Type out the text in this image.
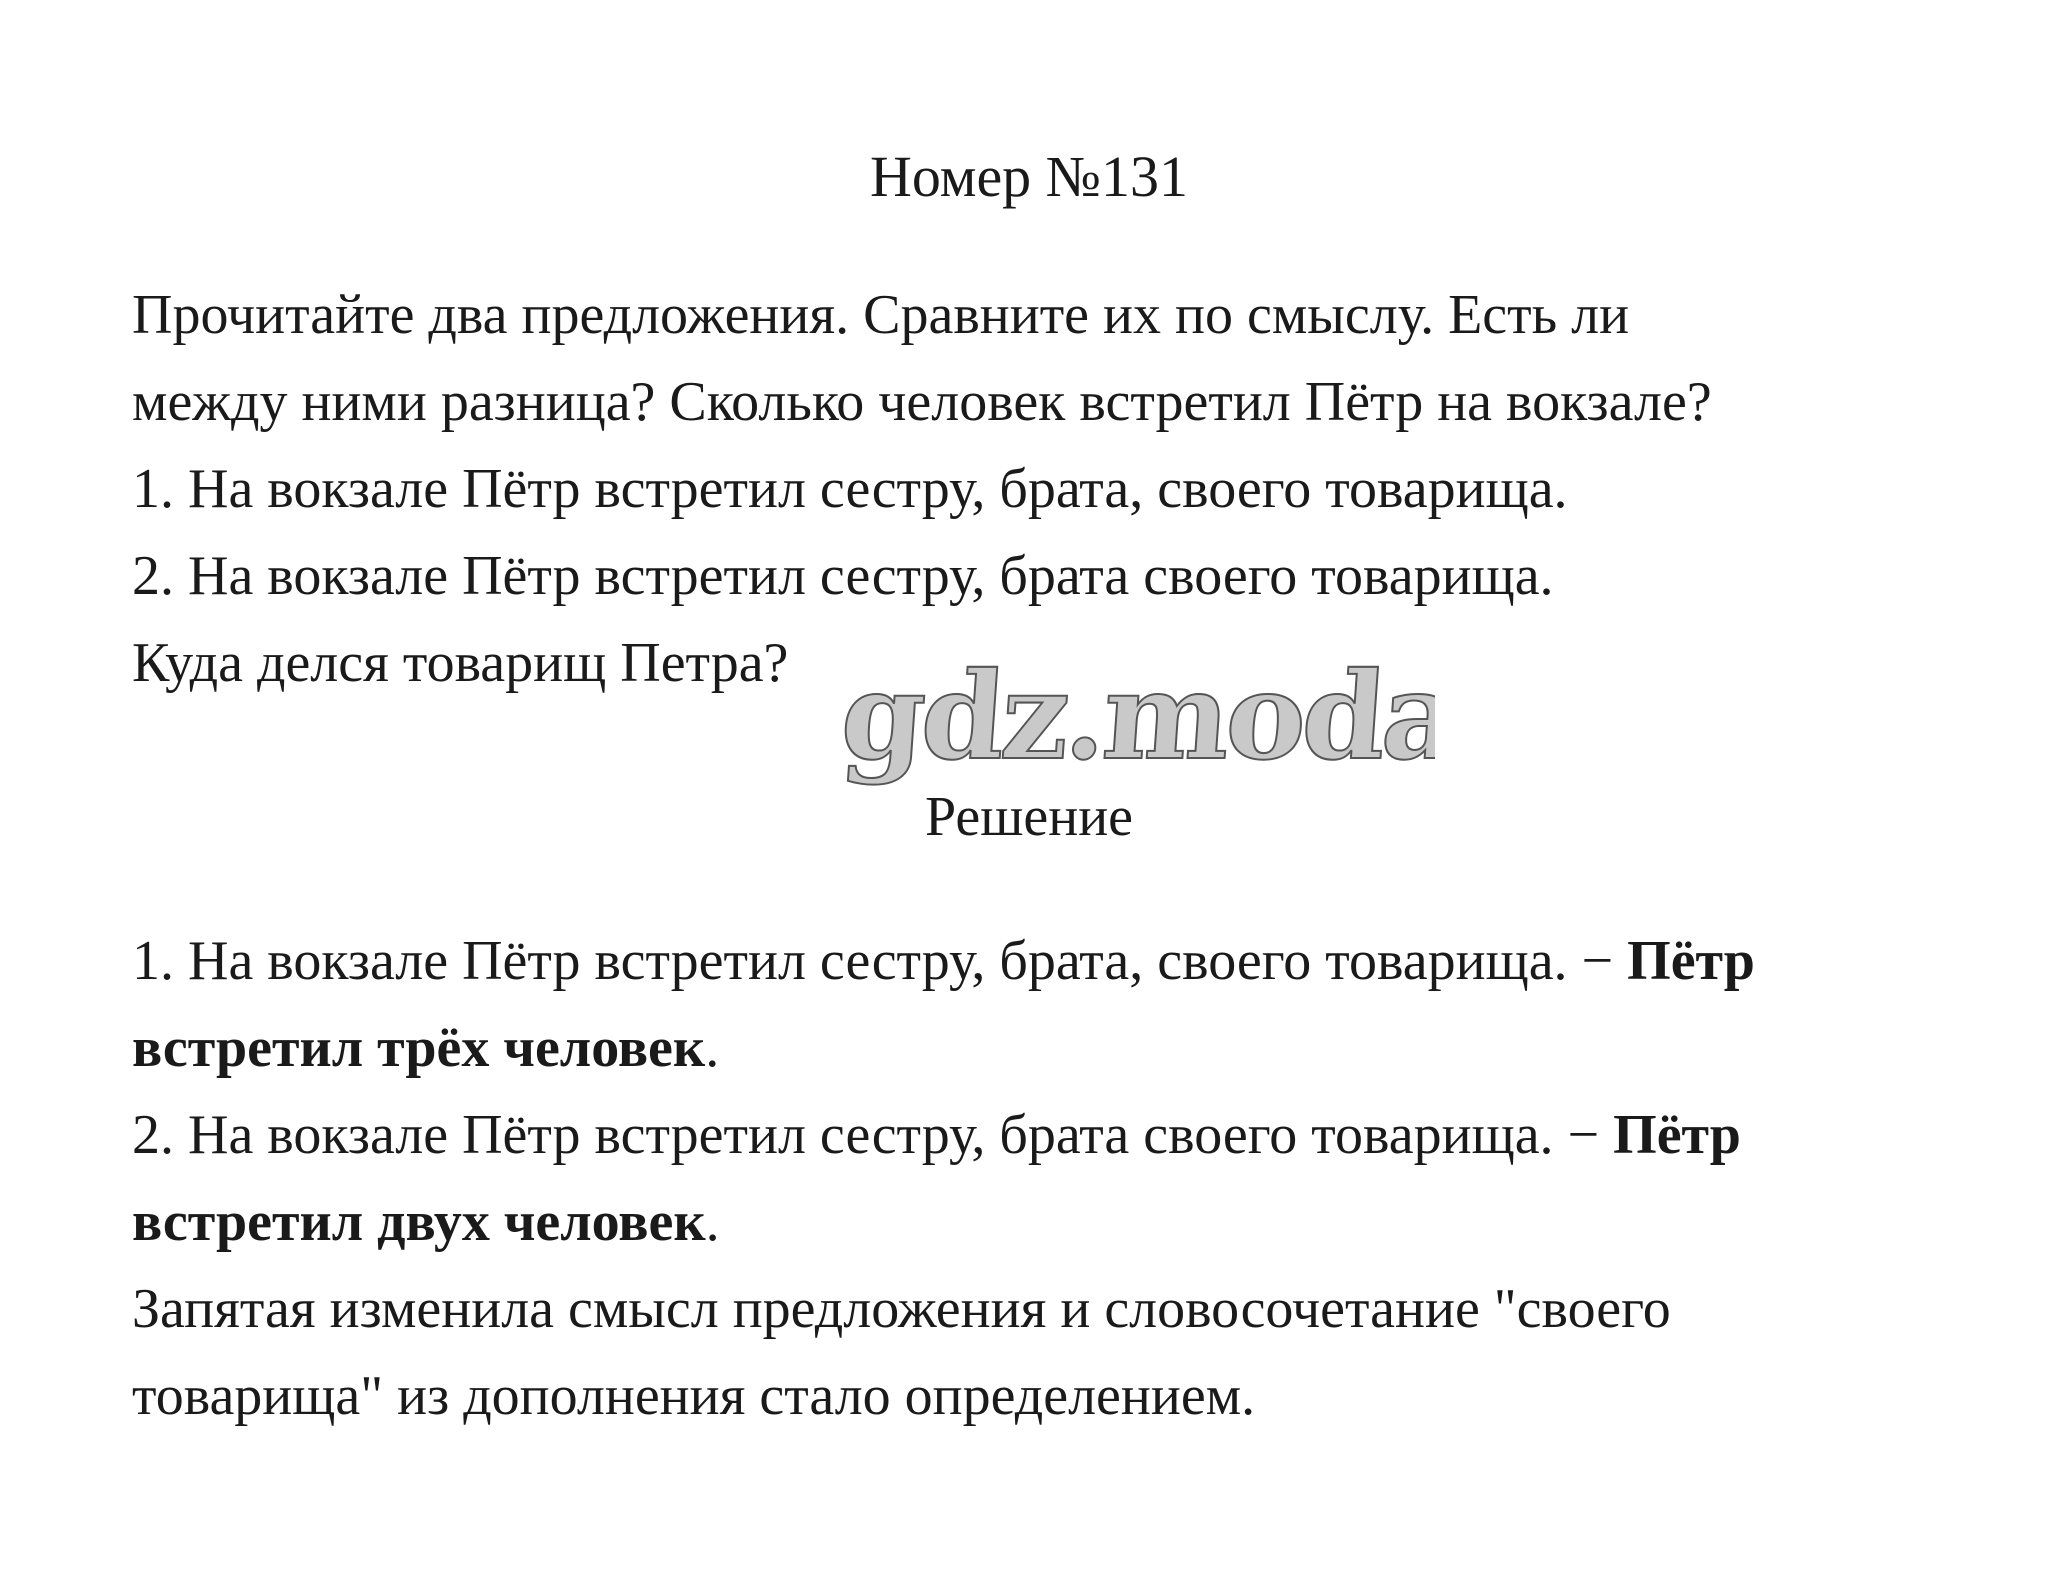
Номер №131
Прочитайте два предложения. Сравните их по смыслу. Есть ли
между ними разница? Сколько человек встретил Пётр на вокзале?
1. На вокзале Пётр встретил сестру, брата, своего товарища.
2. На вокзале Пётр встретил сестру, брата своего товарища.
Куда делся товарищ Петра? gdz.moda
Решение
1. На вокзале Пётр встретил сестру, брата, своего товарища. − Пётр
встретил трёх человек.
2. На вокзале Пётр встретил сестру, брата своего товарища. − Пётр
встретил двух человек.
Запятая изменила смысл предложения и словосочетание "своего
товарища" из дополнения стало определением.
